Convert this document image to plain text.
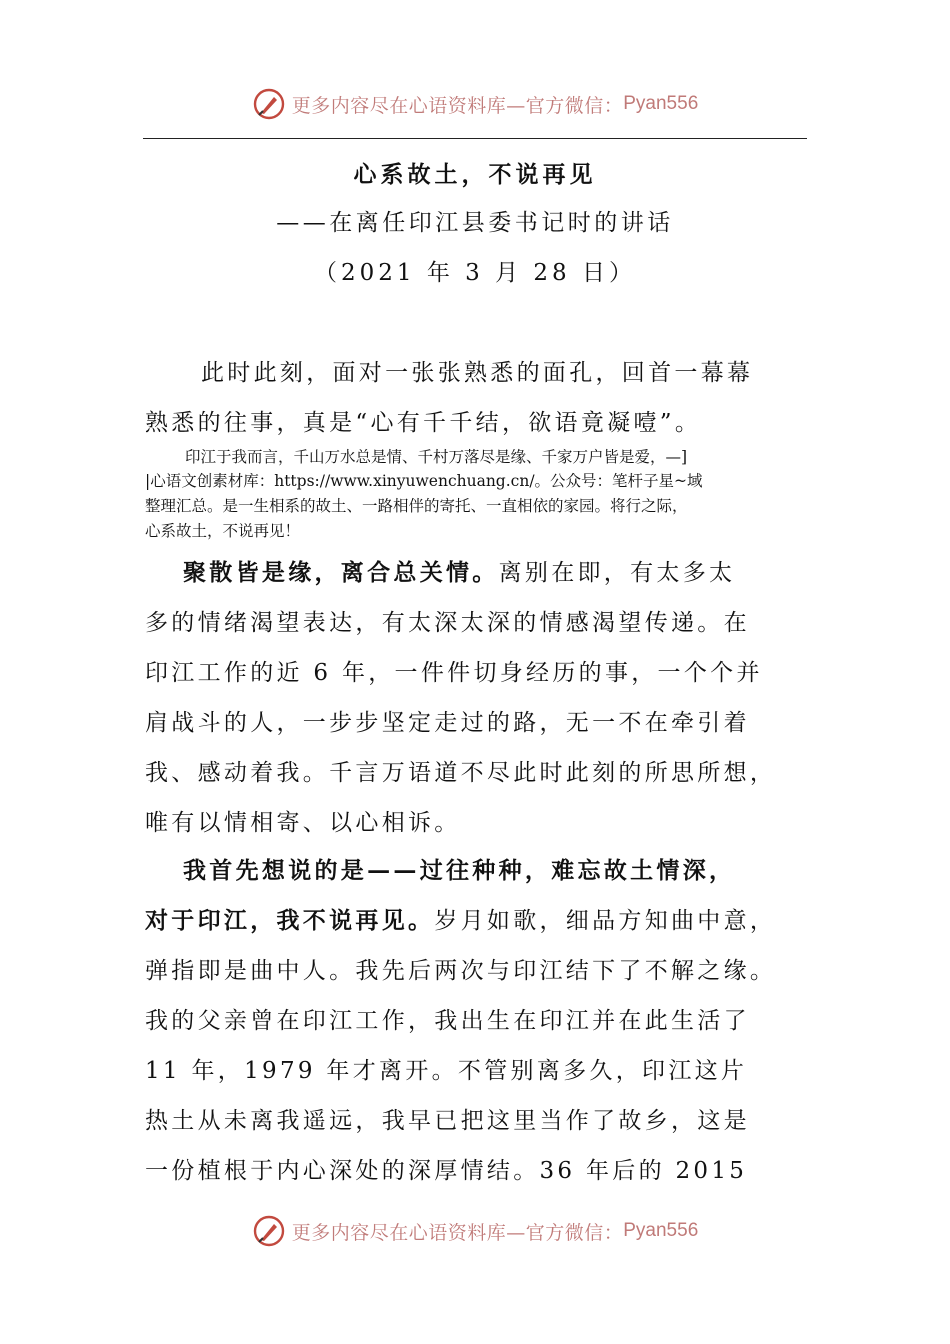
更多内容尽在心语资料库—官方微信： Pyan556
心系故土，不说再见
——在离任印江县委书记时的讲话
（2021 年 3 月 28 日）
此时此刻，面对一张张熟悉的面孔，回首一幕幕
熟悉的往事，真是“心有千千结，欲语竟凝噎”。
印江于我而言，千山万水总是情、千村万落尽是缘、千家万户皆是爱，—]
|心语文创素材库：https://www.xinyuwenchuang.cn/。公众号：笔杆子星~域
整理汇总。是一生相系的故土、一路相伴的寄托、一直相依的家园。将行之际，
心系故土，不说再见！
聚散皆是缘，离合总关情。离别在即，有太多太
多的情绪渴望表达，有太深太深的情感渴望传递。在
印江工作的近 6 年，一件件切身经历的事，一个个并
肩战斗的人，一步步坚定走过的路，无一不在牵引着
我、感动着我。千言万语道不尽此时此刻的所思所想，
唯有以情相寄、以心相诉。
我首先想说的是——过往种种，难忘故土情深，
对于印江，我不说再见。岁月如歌，细品方知曲中意，
弹指即是曲中人。我先后两次与印江结下了不解之缘。
我的父亲曾在印江工作，我出生在印江并在此生活了
11 年，1979 年才离开。不管别离多久，印江这片
热土从未离我遥远，我早已把这里当作了故乡，这是
一份植根于内心深处的深厚情结。36 年后的 2015
更多内容尽在心语资料库—官方微信： Pyan556
